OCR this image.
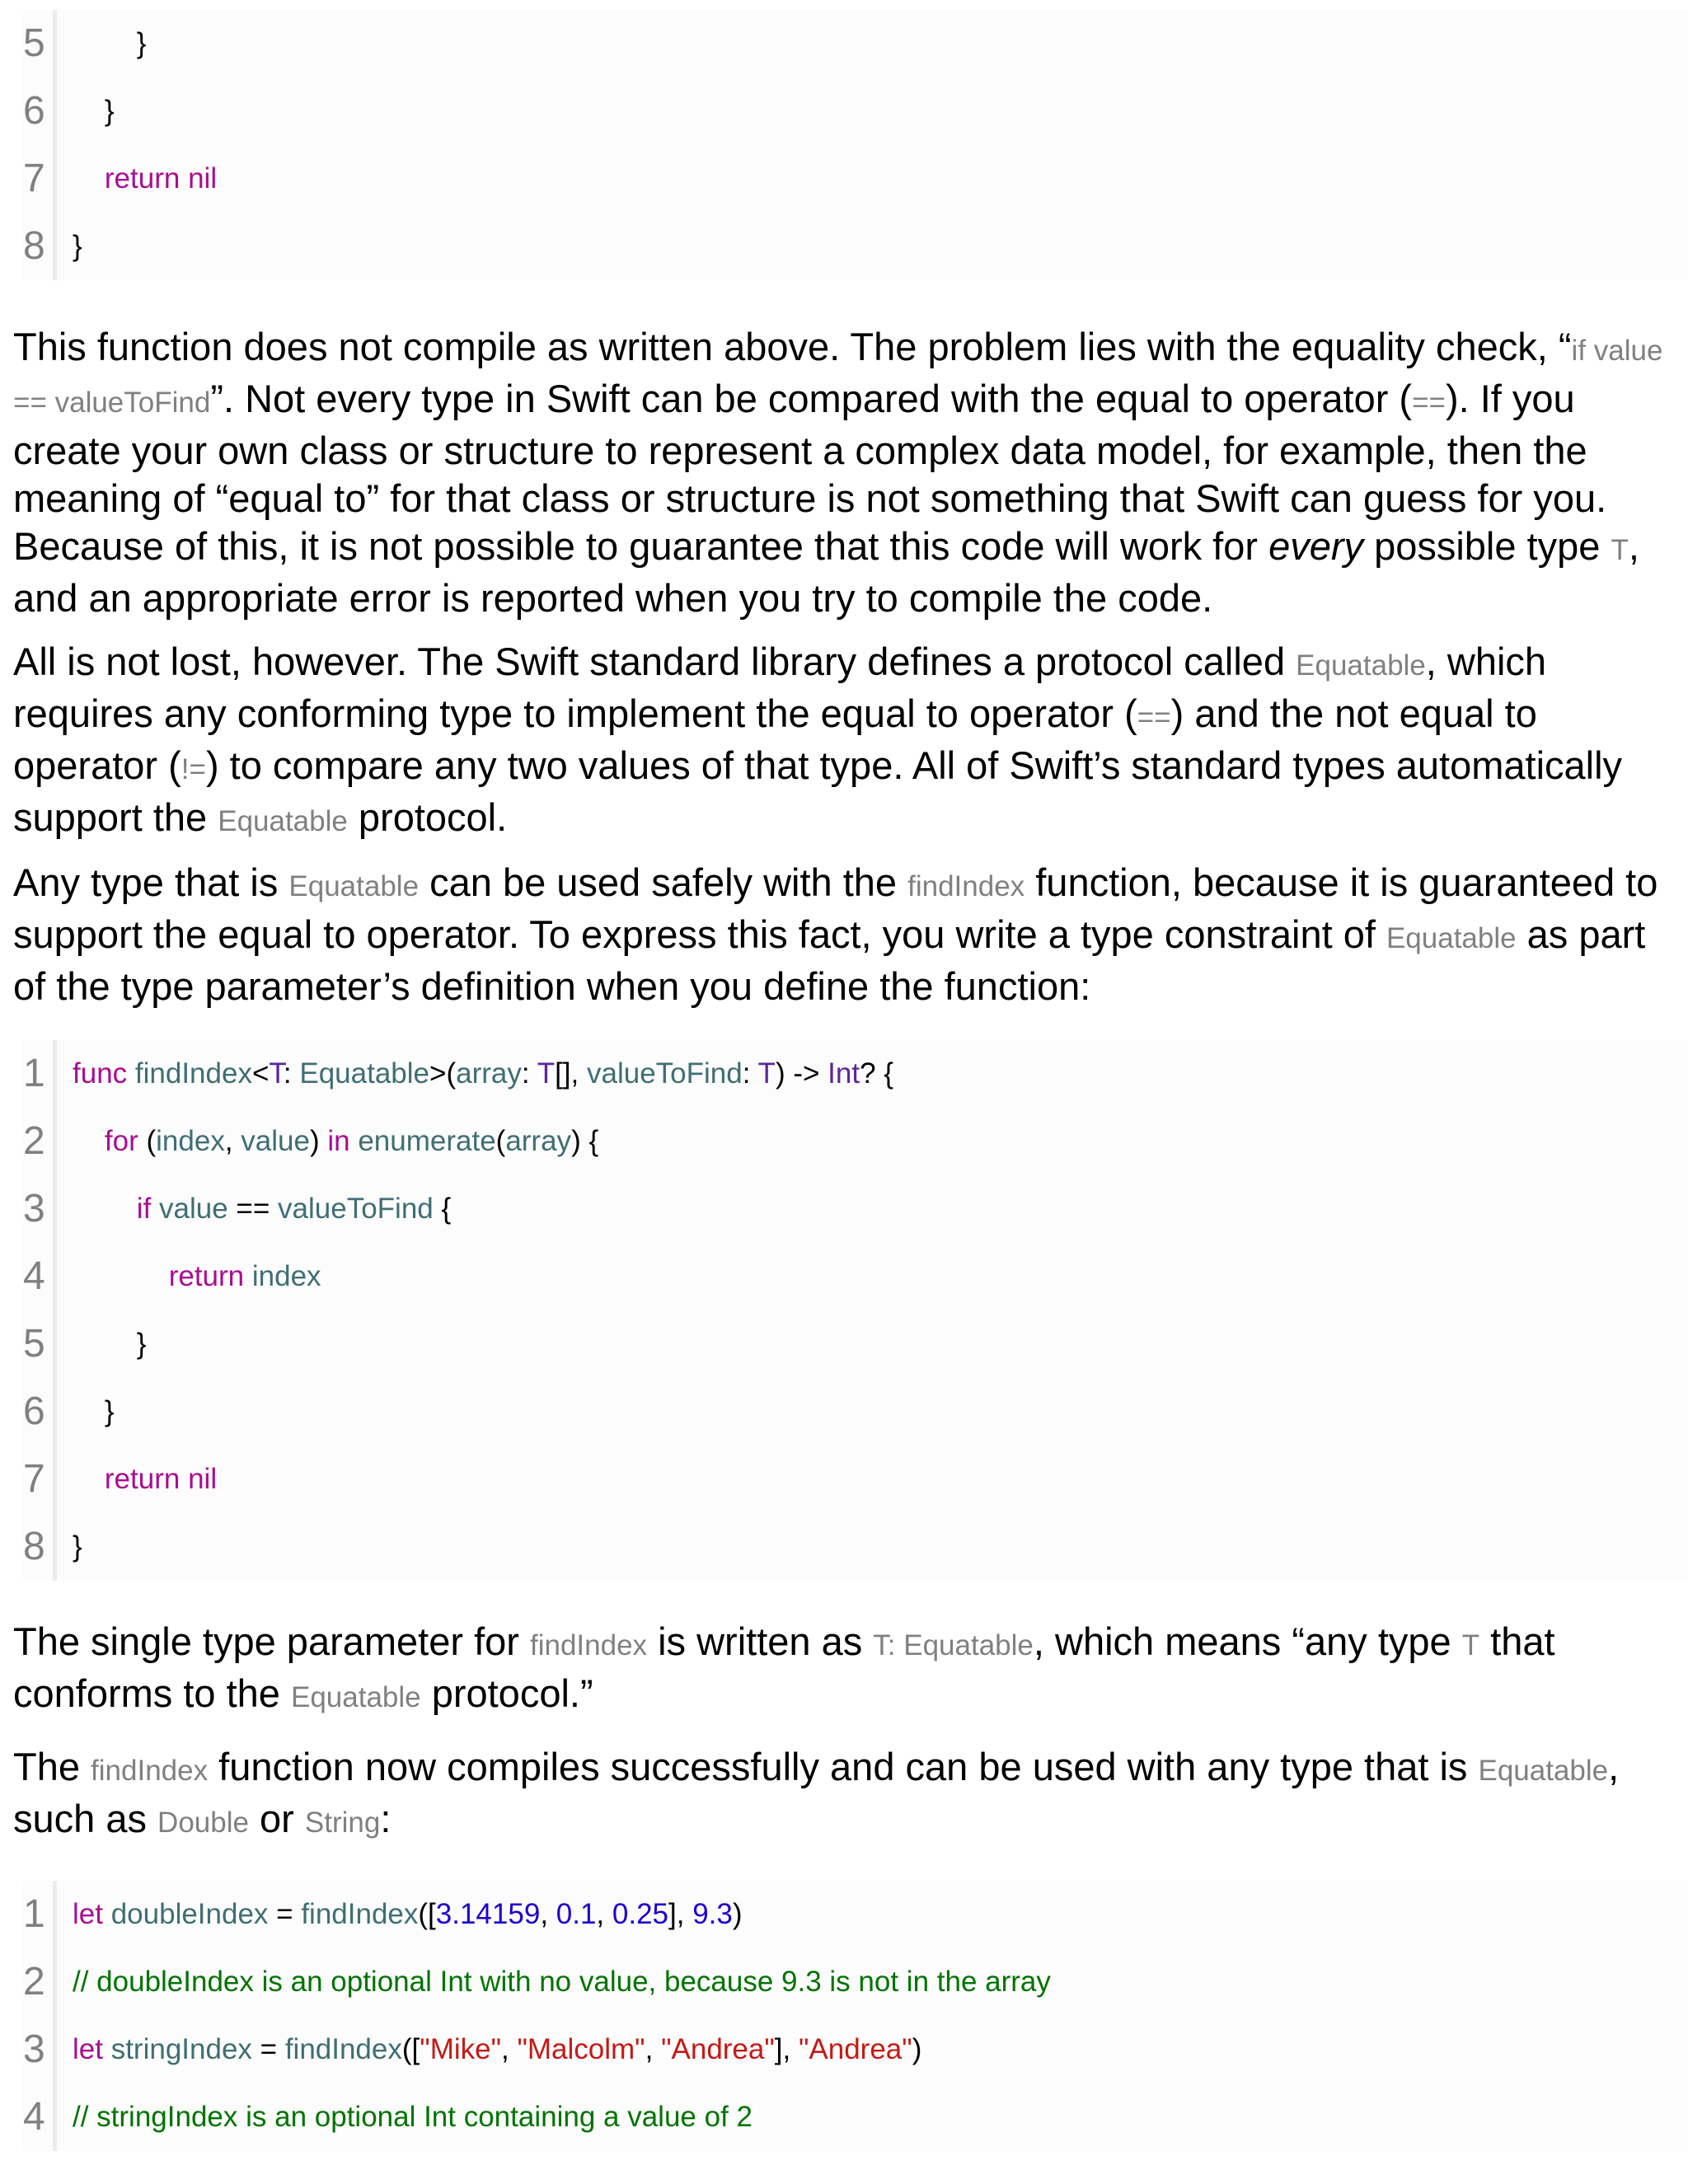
5 }
6 }
7	return nil
8 }

This function does not compile as written above. The problem lies with the equality check, “if value == valueToFind”. Not every type in Swift can be compared with the equal to operator (==). If you create your own class or structure to represent a complex data model, for example, then the meaning of “equal to” for that class or structure is not something that Swift can guess for you. Because of this, it is not possible to guarantee that this code will work for every possible type T, and an appropriate error is reported when you try to compile the code.

All is not lost, however. The Swift standard library defines a protocol called Equatable, which requires any conforming type to implement the equal to operator (==) and the not equal to operator (!=) to compare any two values of that type. All of Swift’s standard types automatically support the Equatable protocol.

Any type that is Equatable can be used safely with the findIndex function, because it is guaranteed to support the equal to operator. To express this fact, you write a type constraint of Equatable as part of the type parameter’s definition when you define the function:

1 func findIndex<T: Equatable>(array: T[], valueToFind: T) -> Int? {
2	for (index, value) in enumerate(array) {
3	if value == valueToFind {
4	return index
5 }
6 }
7	return nil
8 }

The single type parameter for findIndex is written as T: Equatable, which means “any type T that conforms to the Equatable protocol.”

The findIndex function now compiles successfully and can be used with any type that is Equatable, such as Double or String:

1 let doubleIndex = findIndex([3.14159, 0.1, 0.25], 9.3)
2 // doubleIndex is an optional Int with no value, because 9.3 is not in the array
3 let stringIndex = findIndex(["Mike", "Malcolm", "Andrea"], "Andrea")
4 // stringIndex is an optional Int containing a value of 2
